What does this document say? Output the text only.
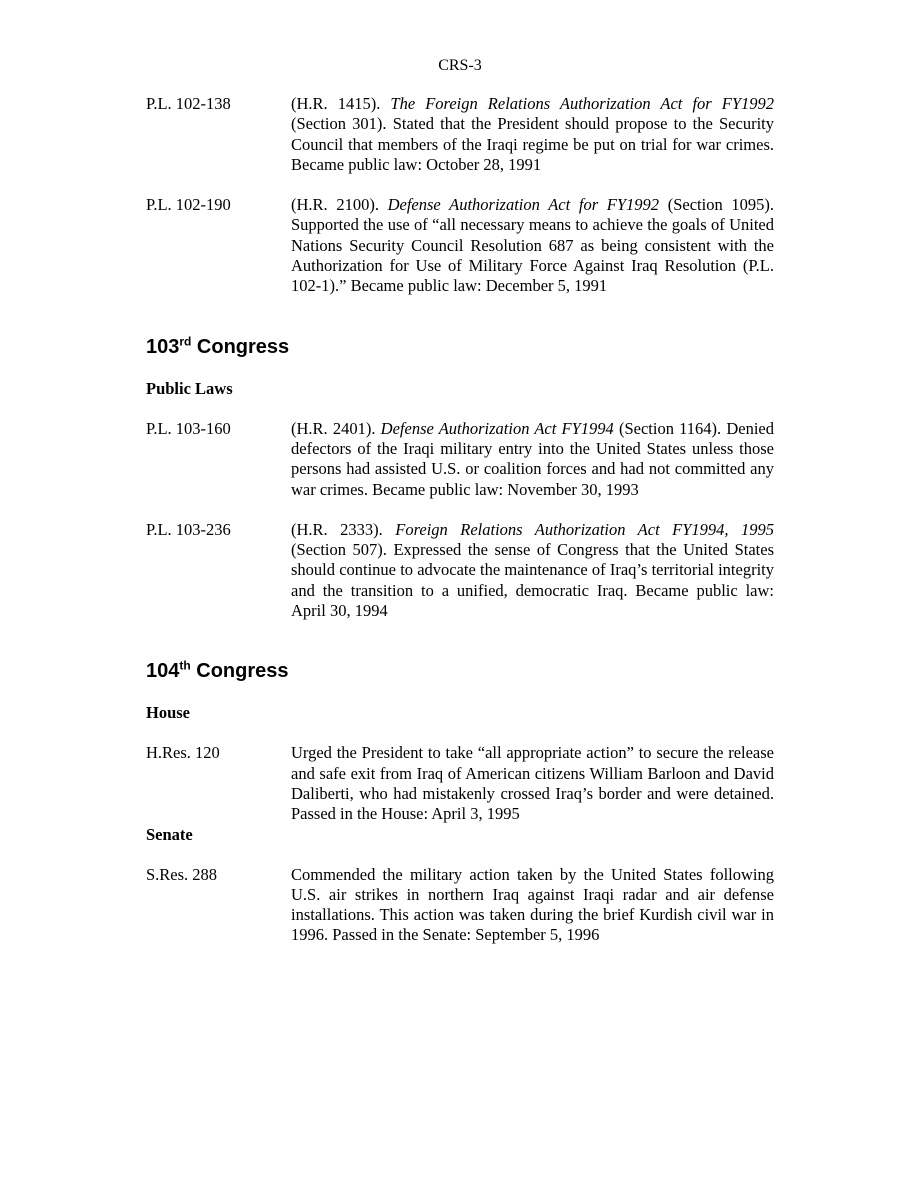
CRS-3
P.L. 102-138	(H.R. 1415). The Foreign Relations Authorization Act for FY1992 (Section 301). Stated that the President should propose to the Security Council that members of the Iraqi regime be put on trial for war crimes. Became public law: October 28, 1991
P.L. 102-190	(H.R. 2100). Defense Authorization Act for FY1992 (Section 1095). Supported the use of “all necessary means to achieve the goals of United Nations Security Council Resolution 687 as being consistent with the Authorization for Use of Military Force Against Iraq Resolution (P.L. 102-1).” Became public law: December 5, 1991
103rd Congress
Public Laws
P.L. 103-160	(H.R. 2401). Defense Authorization Act FY1994 (Section 1164). Denied defectors of the Iraqi military entry into the United States unless those persons had assisted U.S. or coalition forces and had not committed any war crimes. Became public law: November 30, 1993
P.L. 103-236	(H.R. 2333). Foreign Relations Authorization Act FY1994, 1995 (Section 507). Expressed the sense of Congress that the United States should continue to advocate the maintenance of Iraq’s territorial integrity and the transition to a unified, democratic Iraq. Became public law: April 30, 1994
104th Congress
House
H.Res. 120	Urged the President to take “all appropriate action” to secure the release and safe exit from Iraq of American citizens William Barloon and David Daliberti, who had mistakenly crossed Iraq’s border and were detained. Passed in the House: April 3, 1995
Senate
S.Res. 288	Commended the military action taken by the United States following U.S. air strikes in northern Iraq against Iraqi radar and air defense installations. This action was taken during the brief Kurdish civil war in 1996. Passed in the Senate: September 5, 1996
